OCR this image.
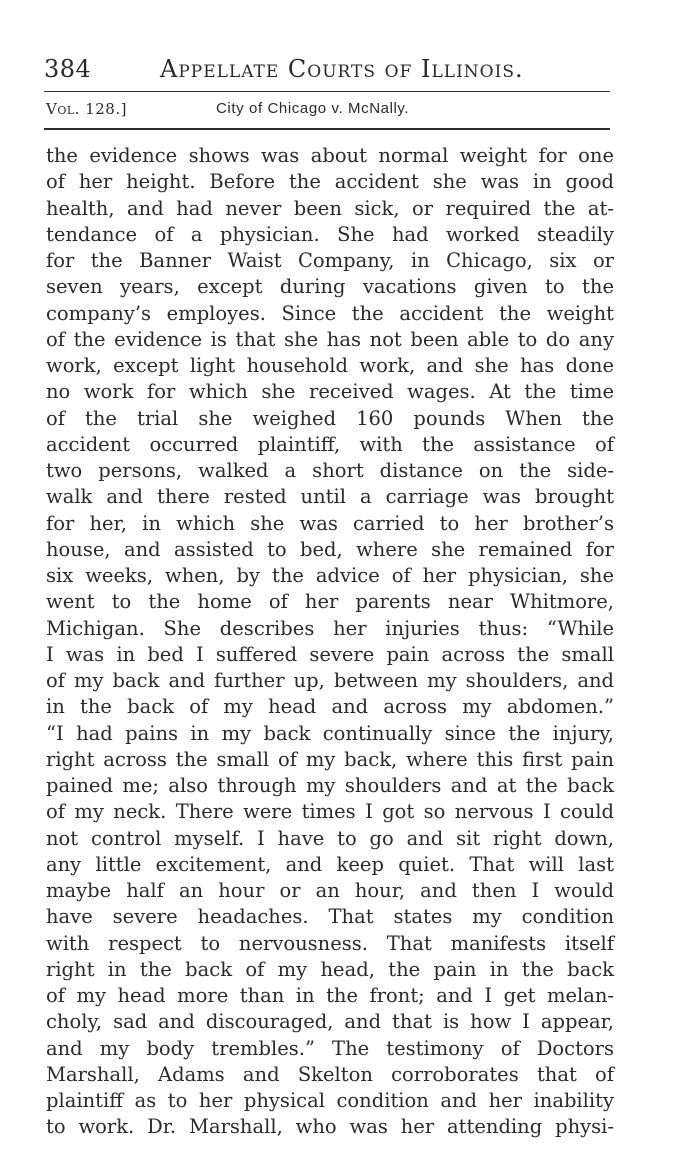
384	Appellate Courts of Illinois.
Vol. 128.]	City of Chicago v. McNally.
the evidence shows was about normal weight for one
of her height. Before the accident she was in good
health, and had never been sick, or required the at-
tendance of a physician. She had worked steadily
for the Banner Waist Company, in Chicago, six or
seven years, except during vacations given to the
company’s employes. Since the accident the weight
of the evidence is that she has not been able to do any
work, except light household work, and she has done
no work for which she received wages. At the time
of the trial she weighed 160 pounds When the
accident occurred plaintiff, with the assistance of
two persons, walked a short distance on the side-
walk and there rested until a carriage was brought
for her, in which she was carried to her brother’s
house, and assisted to bed, where she remained for
six weeks, when, by the advice of her physician, she
went to the home of her parents near Whitmore,
Michigan. She describes her injuries thus: “While
I was in bed I suffered severe pain across the small
of my back and further up, between my shoulders, and
in the back of my head and across my abdomen.”
“I had pains in my back continually since the injury,
right across the small of my back, where this first pain
pained me; also through my shoulders and at the back
of my neck. There were times I got so nervous I could
not control myself. I have to go and sit right down,
any little excitement, and keep quiet. That will last
maybe half an hour or an hour, and then I would
have severe headaches. That states my condition
with respect to nervousness. That manifests itself
right in the back of my head, the pain in the back
of my head more than in the front; and I get melan-
choly, sad and discouraged, and that is how I appear,
and my body trembles.” The testimony of Doctors
Marshall, Adams and Skelton corroborates that of
plaintiff as to her physical condition and her inability
to work. Dr. Marshall, who was her attending physi-
